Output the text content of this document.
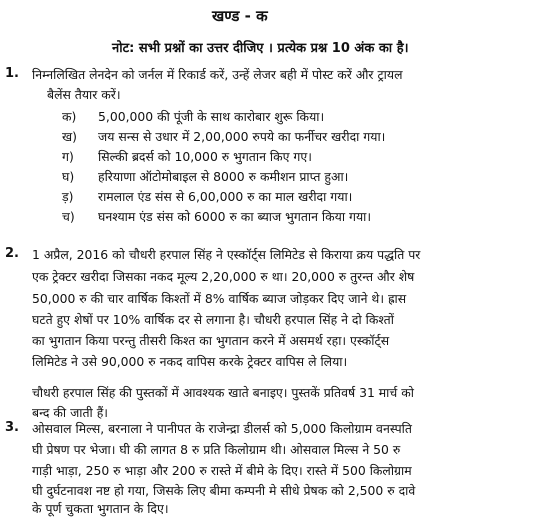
खण्ड - क
नोट: सभी प्रश्नों का उत्तर दीजिए । प्रत्येक प्रश्न 10 अंक का है।
1. निम्नलिखित लेनदेन को जर्नल में रिकार्ड करें, उन्हें लेजर बही में पोस्ट करें और ट्रायल
बैलेंस तैयार करें।
क) 5,00,000 की पूंजी के साथ कारोबार शुरू किया।
ख) जय सन्स से उधार में 2,00,000 रुपये का फर्नीचर खरीदा गया।
ग) सिल्की ब्रदर्स को 10,000 रु भुगतान किए गए।
घ) हरियाणा ऑटोमोबाइल से 8000 रु कमीशन प्राप्त हुआ।
ड़) रामलाल एंड संस से 6,00,000 रु का माल खरीदा गया।
च) घनश्याम एंड संस को 6000 रु का ब्याज भुगतान किया गया।
2. 1 अप्रैल, 2016 को चौधरी हरपाल सिंह ने एस्कॉर्ट्स लिमिटेड से किराया क्रय पद्धति पर
एक ट्रेक्टर खरीदा जिसका नकद मूल्य 2,20,000 रु था। 20,000 रु तुरन्त और शेष
50,000 रु की चार वार्षिक किश्तों में 8% वार्षिक ब्याज जोड़कर दिए जाने थे। ह्रास
घटते हुए शेषों पर 10% वार्षिक दर से लगाना है। चौधरी हरपाल सिंह ने दो किश्तों
का भुगतान किया परन्तु तीसरी किश्त का भुगतान करने में असमर्थ रहा। एस्कॉर्ट्स
लिमिटेड ने उसे 90,000 रु नकद वापिस करके ट्रेक्टर वापिस ले लिया।
चौधरी हरपाल सिंह की पुस्तकों में आवश्यक खाते बनाइए। पुस्तकें प्रतिवर्ष 31 मार्च को
बन्द की जाती हैं।
3. ओसवाल मिल्स, बरनाला ने पानीपत के राजेन्द्रा डीलर्स को 5,000 किलोग्राम वनस्पति
घी प्रेषण पर भेजा। घी की लागत 8 रु प्रति किलोग्राम थी। ओसवाल मिल्स ने 50 रु
गाड़ी भाड़ा, 250 रु भाड़ा और 200 रु रास्ते में बीमे के दिए। रास्ते में 500 किलोग्राम
घी दुर्घटनावश नष्ट हो गया, जिसके लिए बीमा कम्पनी मे सीधे प्रेषक को 2,500 रु दावे
के पूर्ण चुकता भुगतान के दिए।
